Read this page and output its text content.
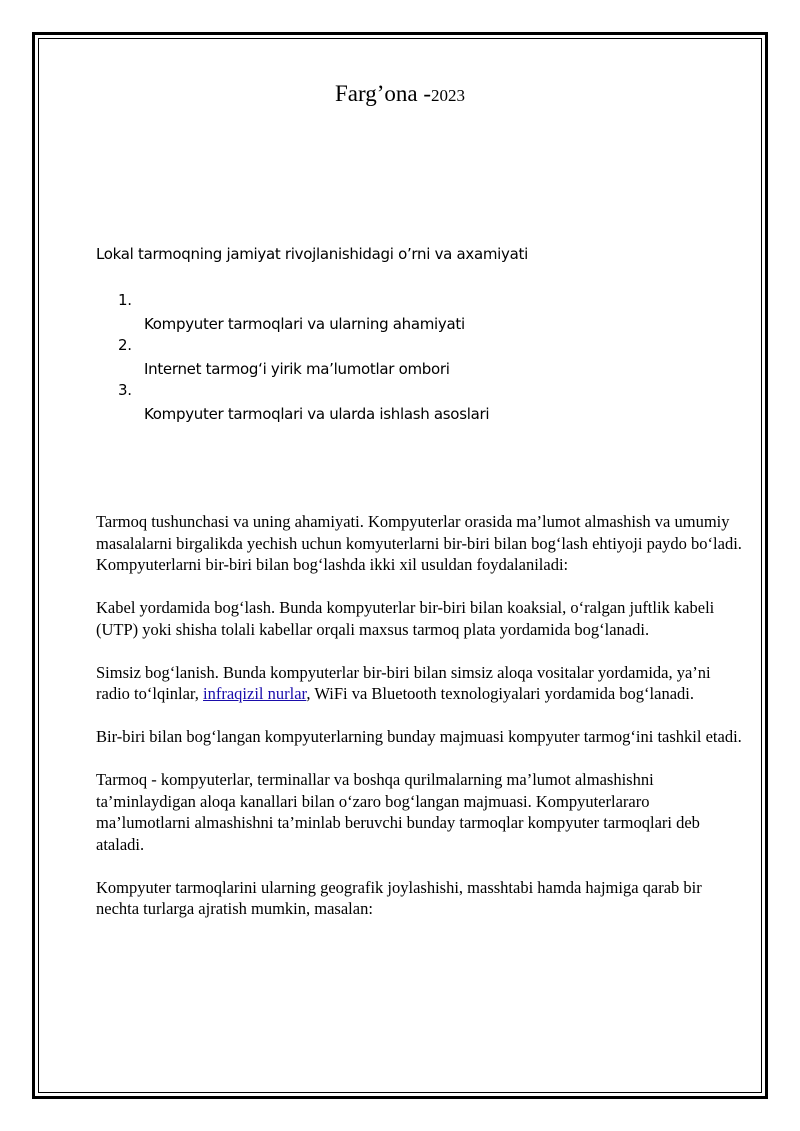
Farg’ona -2023
Lokal tarmoqning jamiyat rivojlanishidagi o’rni va axamiyati
1.
Kompyuter tarmoqlari va ularning ahamiyati
2.
Internet tarmogʻi yirik maʼlumotlar ombori
3.
Kompyuter tarmoqlari va ularda ishlash asoslari

Tarmoq tushunchasi va uning ahamiyati. Kompyuterlar orasida ma’lumot almashish va umumiy masalalarni birgalikda yechish uchun komyuterlarni bir-biri bilan bog‘lash ehtiyoji paydo bo‘ladi. Kompyuterlarni bir-biri bilan bog‘lashda ikki xil usuldan foydalaniladi:

Kabel yordamida bog‘lash. Bunda kompyuterlar bir-biri bilan koaksial, o‘ralgan juftlik kabeli (UTP) yoki shisha tolali kabellar orqali maxsus tarmoq plata yordamida bog‘lanadi.

Simsiz bog‘lanish. Bunda kompyuterlar bir-biri bilan simsiz aloqa vositalar yordamida, ya’ni radio to‘lqinlar, infraqizil nurlar, WiFi va Bluetooth texnologiyalari yordamida bog‘lanadi.

Bir-biri bilan bog‘langan kompyuterlarning bunday majmuasi kompyuter tarmog‘ini tashkil etadi.

Tarmoq - kompyuterlar, terminallar va boshqa qurilmalarning ma’lumot almashishni ta’minlaydigan aloqa kanallari bilan o‘zaro bog‘langan majmuasi. Kompyuterlararo ma’lumotlarni almashishni ta’minlab beruvchi bunday tarmoqlar kompyuter tarmoqlari deb ataladi.

Kompyuter tarmoqlarini ularning geografik joylashishi, masshtabi hamda hajmiga qarab bir nechta turlarga ajratish mumkin, masalan:
